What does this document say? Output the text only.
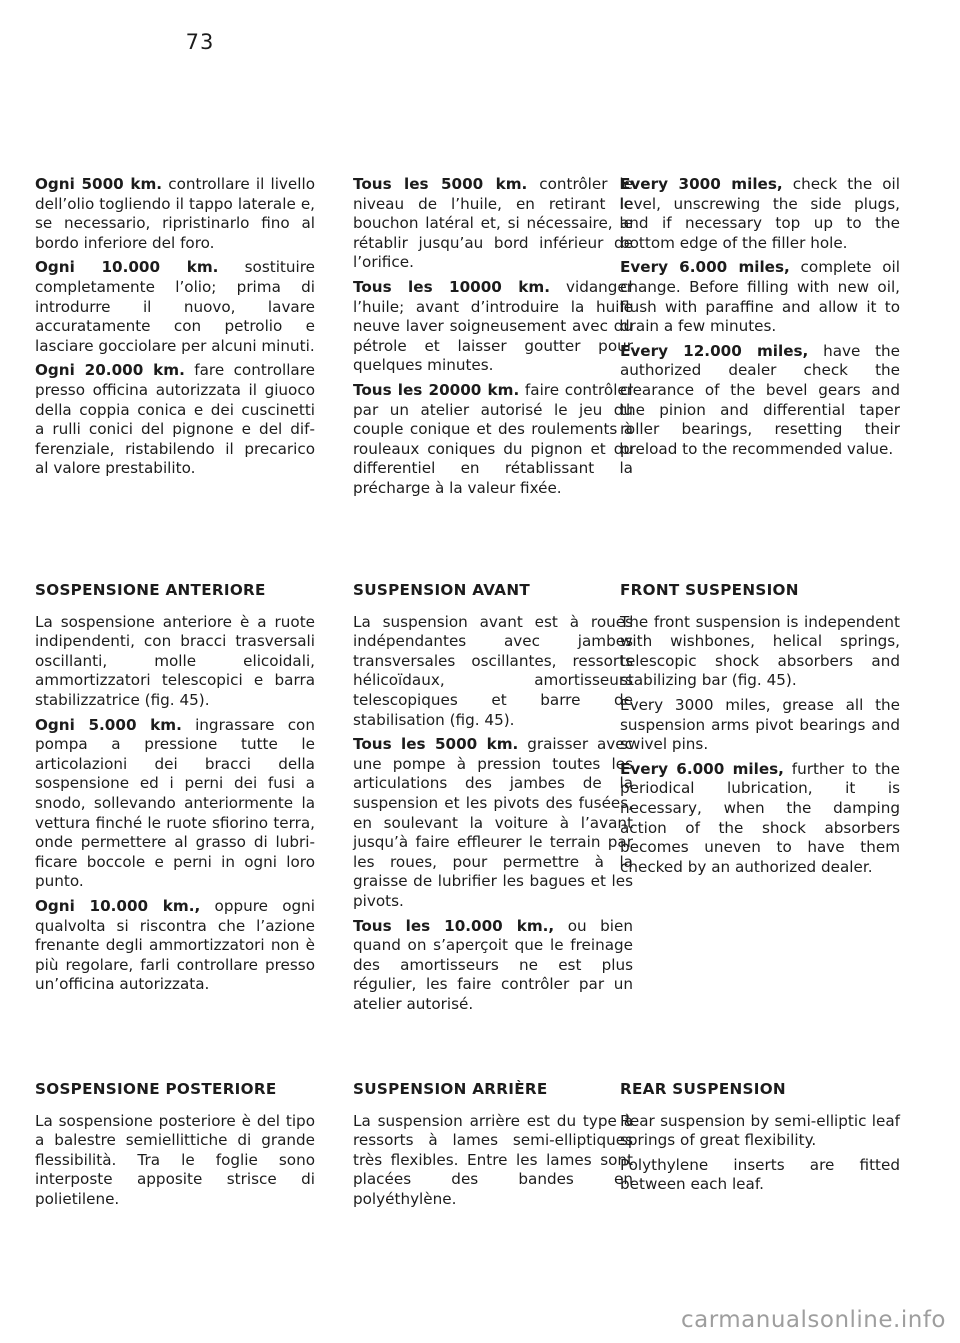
73

Ogni 5000 km. controllare il livello dell’olio togliendo il tappo laterale e, se necessario, ripristinarlo fino al bordo inferiore del foro.

Ogni 10.000 km. sostituire completamente l’olio; prima di introdurre il nuovo, lavare accuratamente con petrolio e lasciare gocciolare per alcuni minuti.

Ogni 20.000 km. fare controllare presso officina autorizzata il giuoco della coppia conica e dei cuscinetti a rulli conici del pignone e del differenziale, ristabilendo il precarico al valore prestabilito.

Tous les 5000 km. contrôler le niveau de l’huile, en retirant le bouchon latéral et, si nécessaire, le rétablir jusqu’au bord inférieur de l’orifice.

Tous les 10000 km. vidanger l’huile; avant d’introduire la huile neuve laver soigneusement avec du pétrole et laisser goutter pour quelques minutes.

Tous les 20000 km. faire contrôler par un atelier autorisé le jeu du couple conique et des roulements à rouleaux coniques du pignon et du differentiel en rétablissant la précharge à la valeur fixée.

Every 3000 miles, check the oil level, unscrewing the side plugs, and if necessary top up to the bottom edge of the filler hole.

Every 6.000 miles, complete oil change. Before filling with new oil, flush with paraffine and allow it to drain a few minutes.

Every 12.000 miles, have the authorized dealer check the clearance of the bevel gears and the pinion and differential taper roller bearings, resetting their preload to the recommended value.

SOSPENSIONE ANTERIORE

La sospensione anteriore è a ruote indipendenti, con bracci trasversali oscillanti, molle elicoidali, ammortizzatori telescopici e barra stabilizzatrice (fig. 45).

Ogni 5.000 km. ingrassare con pompa a pressione tutte le articolazioni dei bracci della sospensione ed i perni dei fusi a snodo, sollevando anteriormente la vettura finché le ruote sfiorino terra, onde permettere al grasso di lubrificare boccole e perni in ogni loro punto.

Ogni 10.000 km., oppure ogni qualvolta si riscontra che l’azione frenante degli ammortizzatori non è più regolare, farli controllare presso un’officina autorizzata.

SUSPENSION AVANT

La suspension avant est à roues indépendantes avec jambes transversales oscillantes, ressorts hélicoïdaux, amortisseurs telescopiques et barre de stabilisation (fig. 45).

Tous les 5000 km. graisser avec une pompe à pression toutes les articulations des jambes de la suspension et les pivots des fusées, en soulevant la voiture à l’avant jusqu’à faire effleurer le terrain par les roues, pour permettre à la graisse de lubrifier les bagues et les pivots.

Tous les 10.000 km., ou bien quand on s’aperçoit que le freinage des amortisseurs ne est plus régulier, les faire contrôler par un atelier autorisé.

FRONT SUSPENSION

The front suspension is independent with wishbones, helical springs, telescopic shock absorbers and stabilizing bar (fig. 45).

Every 3000 miles, grease all the suspension arms pivot bearings and swivel pins.

Every 6.000 miles, further to the periodical lubrication, it is necessary, when the damping action of the shock absorbers becomes uneven to have them checked by an authorized dealer.

SOSPENSIONE POSTERIORE

La sospensione posteriore è del tipo a balestre semiellittiche di grande flessibilità. Tra le foglie sono interposte apposite strisce di polietilene.

SUSPENSION ARRIÈRE

La suspension arrière est du type à ressorts à lames semi-elliptiques très flexibles. Entre les lames sont placées des bandes en polyéthylène.

REAR SUSPENSION

Rear suspension by semi-elliptic leaf springs of great flexibility.

Polythylene inserts are fitted between each leaf.

carmanualsonline.info
